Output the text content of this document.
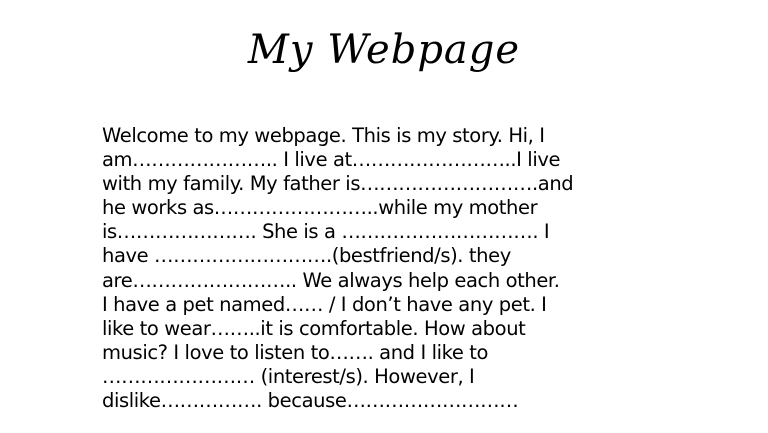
My Webpage
Welcome to my webpage. This is my story. Hi, I
am………………….. I live at……………………..I live
with my family. My father is……………………….and
he works as……………………..while my mother
is…………………. She is a …………………………. I
have ……………………….(bestfriend/s). they
are…………………….. We always help each other.
I have a pet named…… / I don’t have any pet. I
like to wear……..it is comfortable. How about
music? I love to listen to……. and I like to
…………………… (interest/s). However, I
dislike……………. because………………………
